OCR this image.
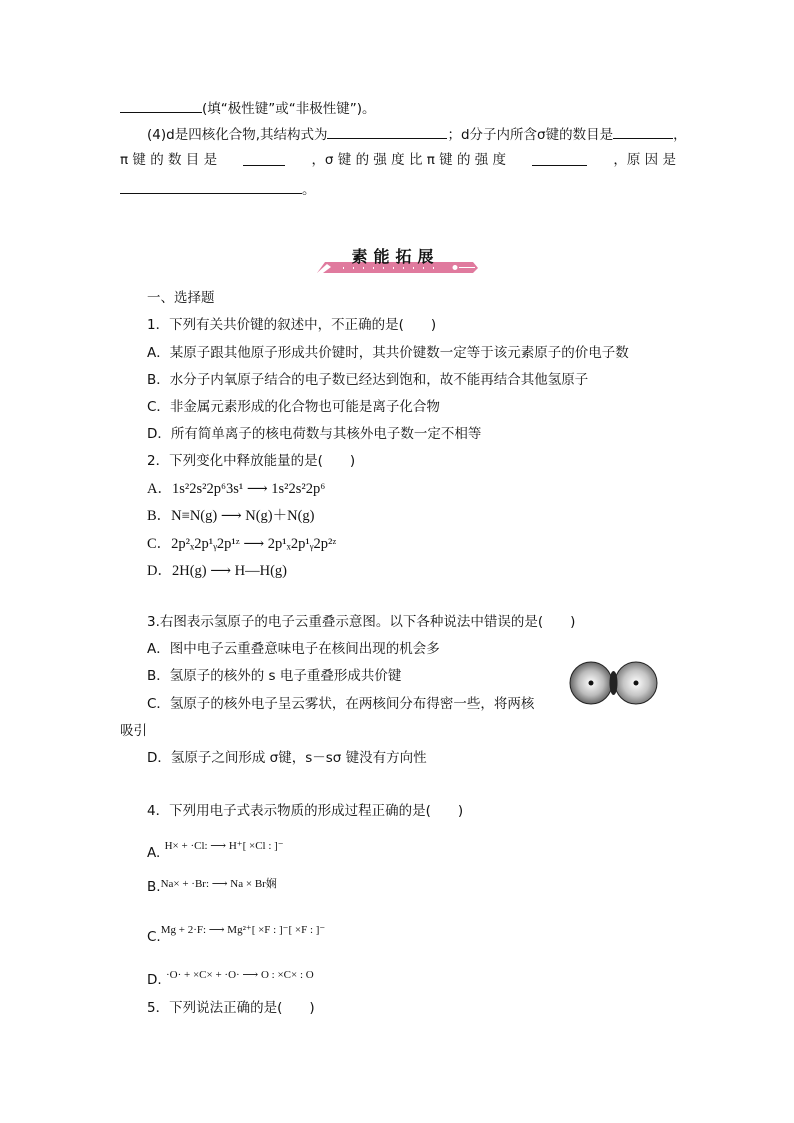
(填“极性键”或“非极性键”)。
(4)d是四核化合物,其结构式为	；d分子内所含σ键的数目是	，
π 键 的 数 目 是	，σ 键 的 强 度 比 π 键 的 强 度	，原 因 是
。
素能拓展
一、选择题
1．下列有关共价键的叙述中，不正确的是(　　)
A．某原子跟其他原子形成共价键时，其共价键数一定等于该元素原子的价电子数
B．水分子内氧原子结合的电子数已经达到饱和，故不能再结合其他氢原子
C．非金属元素形成的化合物也可能是离子化合物
D．所有简单离子的核电荷数与其核外电子数一定不相等
2．下列变化中释放能量的是(　　)
A．1s²2s²2p⁶3s¹ ⟶ 1s²2s²2p⁶
B．N≡N(g) ⟶ N(g)＋N(g)
C．2p²ₓ2p¹ᵧ2p¹ᶻ ⟶ 2p¹ₓ2p¹ᵧ2p²ᶻ
D．2H(g) ⟶ H—H(g)
3.右图表示氢原子的电子云重叠示意图。以下各种说法中错误的是(　　)
A．图中电子云重叠意味电子在核间出现的机会多
B．氢原子的核外的 s 电子重叠形成共价键
C．氢原子的核外电子呈云雾状，在两核间分布得密一些，将两核
吸引
D．氢原子之间形成 σ键，s－sσ 键没有方向性
4．下列用电子式表示物质的形成过程正确的是(　　)
A. $^{H\times + \cdot Cl: ⟶ H^+[ \times Cl : ]^-}$
B.$^{Na\times + \cdot Br: ⟶ Na \times Br娴}$
C.$^{Mg + 2\cdot F: ⟶ Mg^{2+}[ \times F : ]^-[ \times F : ]^-}$
D. $^{\cdot O\cdot + \times C\times + \cdot O\cdot ⟶ O : \times C\times : O}$
5．下列说法正确的是(　　)
